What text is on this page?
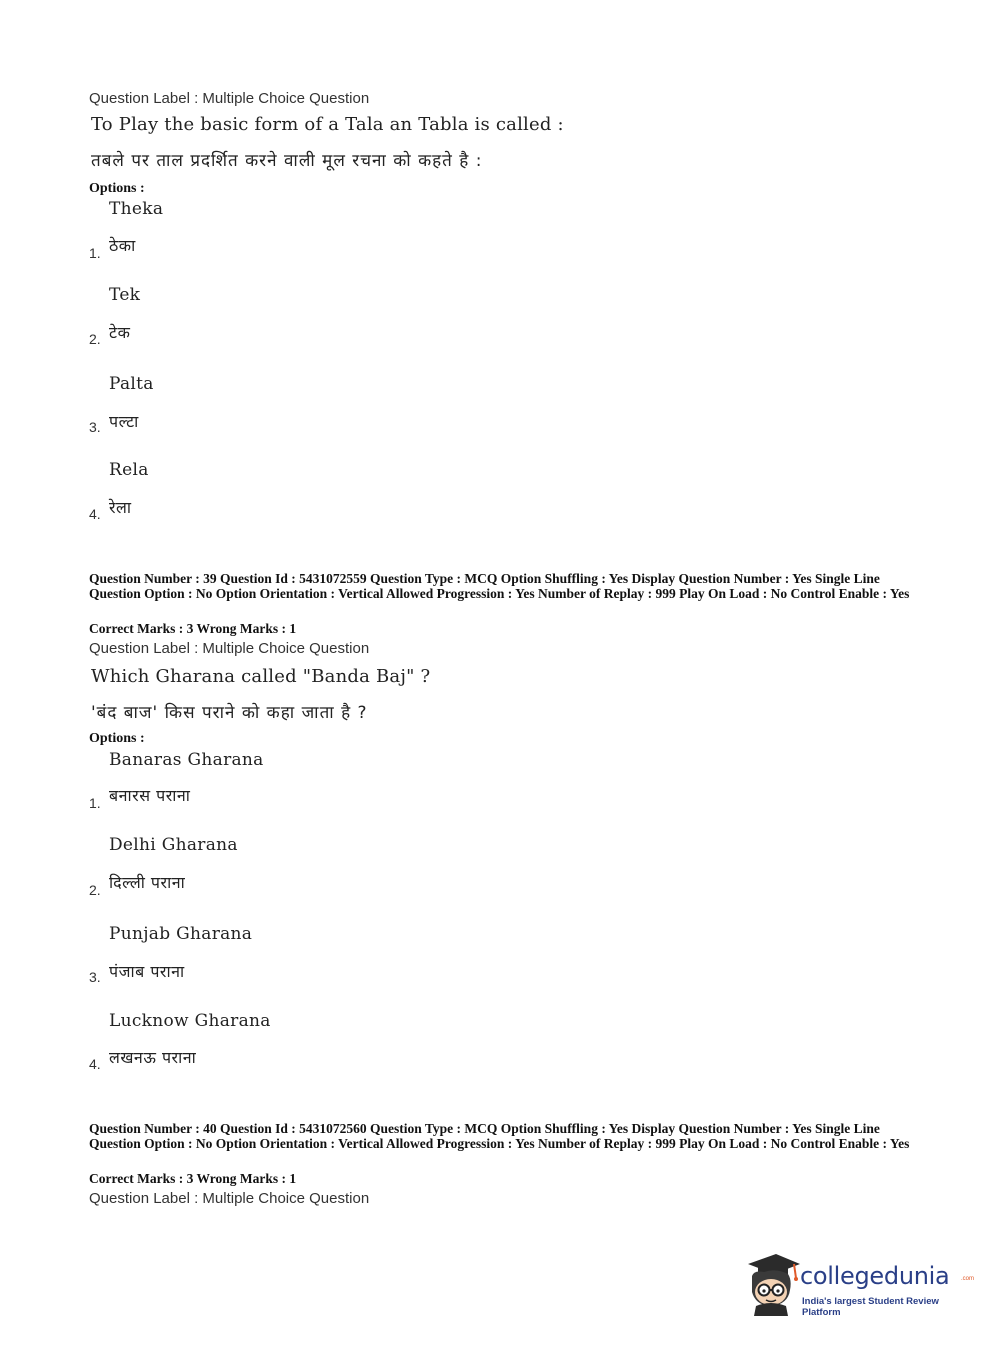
Question Label : Multiple Choice Question
To Play the basic form of a Tala an Tabla is called :
तबले पर ताल प्रदर्शित करने वाली मूल रचना को कहते है :
Options :
Theka
1. ठेका
Tek
2. टेक
Palta
3. पल्टा
Rela
4. रेला
Question Number : 39 Question Id : 5431072559 Question Type : MCQ Option Shuffling : Yes Display Question Number : Yes Single Line Question Option : No Option Orientation : Vertical Allowed Progression : Yes Number of Replay : 999 Play On Load : No Control Enable : Yes
Correct Marks : 3 Wrong Marks : 1
Question Label : Multiple Choice Question
Which Gharana called "Banda Baj" ?
'बंद बाज' किस पराने को कहा जाता है ?
Options :
Banaras Gharana
1. बनारस पराना
Delhi Gharana
2. दिल्ली पराना
Punjab Gharana
3. पंजाब पराना
Lucknow Gharana
4. लखनऊ पराना
Question Number : 40 Question Id : 5431072560 Question Type : MCQ Option Shuffling : Yes Display Question Number : Yes Single Line Question Option : No Option Orientation : Vertical Allowed Progression : Yes Number of Replay : 999 Play On Load : No Control Enable : Yes
Correct Marks : 3 Wrong Marks : 1
Question Label : Multiple Choice Question
collegedunia .com
India's largest Student Review Platform
